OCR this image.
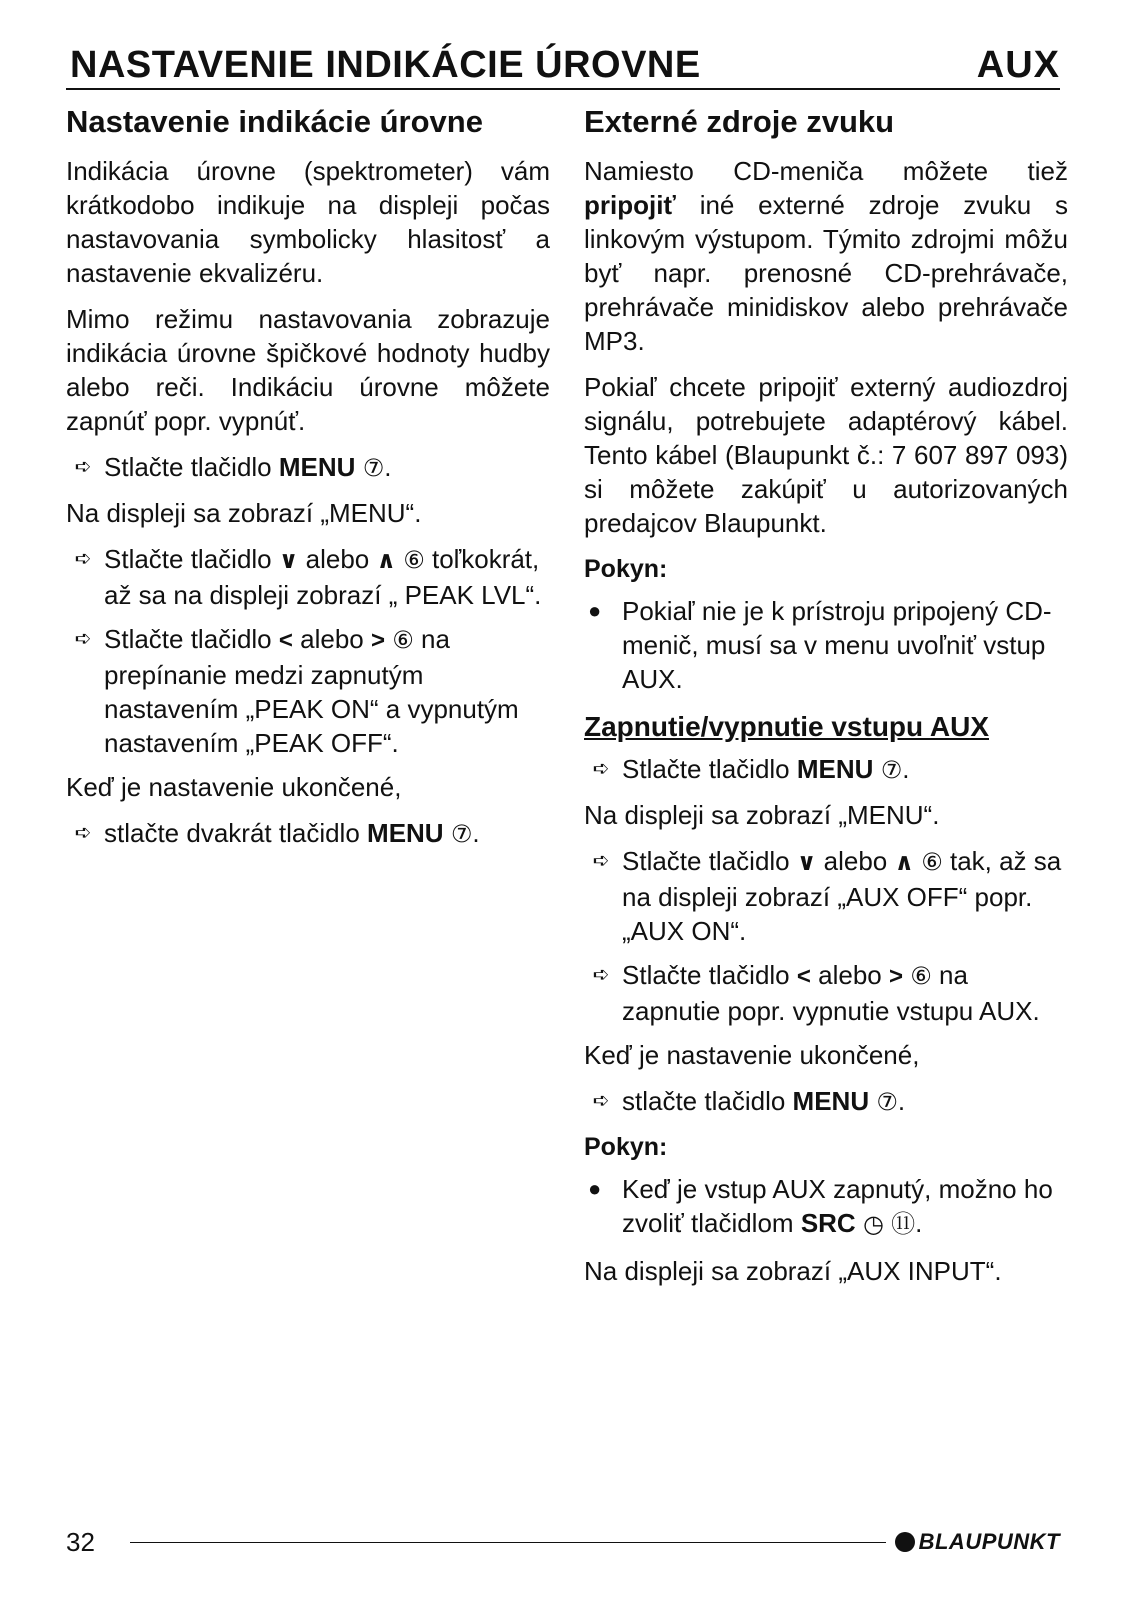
NASTAVENIE INDIKÁCIE ÚROVNE	AUX
Nastavenie indikácie úrovne

Indikácia úrovne (spektrometer) vám krátkodobo indikuje na displeji počas nastavovania symbolicky hlasitosť a nastavenie ekvalizéru.

Mimo režimu nastavovania zobrazuje indikácia úrovne špičkové hodnoty hudby alebo reči. Indikáciu úrovne môžete zapnúť popr. vypnúť.

➪ Stlačte tlačidlo MENU ⑦.

Na displeji sa zobrazí „MENU“.

➪ Stlačte tlačidlo ∨ alebo ∧ ⑥ toľkokrát, až sa na displeji zobrazí „ PEAK LVL“.
➪ Stlačte tlačidlo < alebo > ⑥ na prepínanie medzi zapnutým nastavením „PEAK ON“ a vypnutým nastavením „PEAK OFF“.

Keď je nastavenie ukončené,

➪ stlačte dvakrát tlačidlo MENU ⑦.
Externé zdroje zvuku

Namiesto CD-meniča môžete tiež pripojiť iné externé zdroje zvuku s linkovým výstupom. Týmito zdrojmi môžu byť napr. prenosné CD-prehrávače, prehrávače minidiskov alebo prehrávače MP3.

Pokiaľ chcete pripojiť externý audiozdroj signálu, potrebujete adaptérový kábel. Tento kábel (Blaupunkt č.: 7 607 897 093) si môžete zakúpiť u autorizovaných predajcov Blaupunkt.

Pokyn:
● Pokiaľ nie je k prístroju pripojený CD-menič, musí sa v menu uvoľniť vstup AUX.
Zapnutie/vypnutie vstupu AUX
➪ Stlačte tlačidlo MENU ⑦.

Na displeji sa zobrazí „MENU“.

➪ Stlačte tlačidlo ∨ alebo ∧ ⑥ tak, až sa na displeji zobrazí „AUX OFF“ popr. „AUX ON“.
➪ Stlačte tlačidlo < alebo > ⑥ na zapnutie popr. vypnutie vstupu AUX.

Keď je nastavenie ukončené,

➪ stlačte tlačidlo MENU ⑦.
Pokyn:
● Keď je vstup AUX zapnutý, možno ho zvoliť tlačidlom SRC ◷ ⑪.

Na displeji sa zobrazí „AUX INPUT“.

32	BLAUPUNKT
